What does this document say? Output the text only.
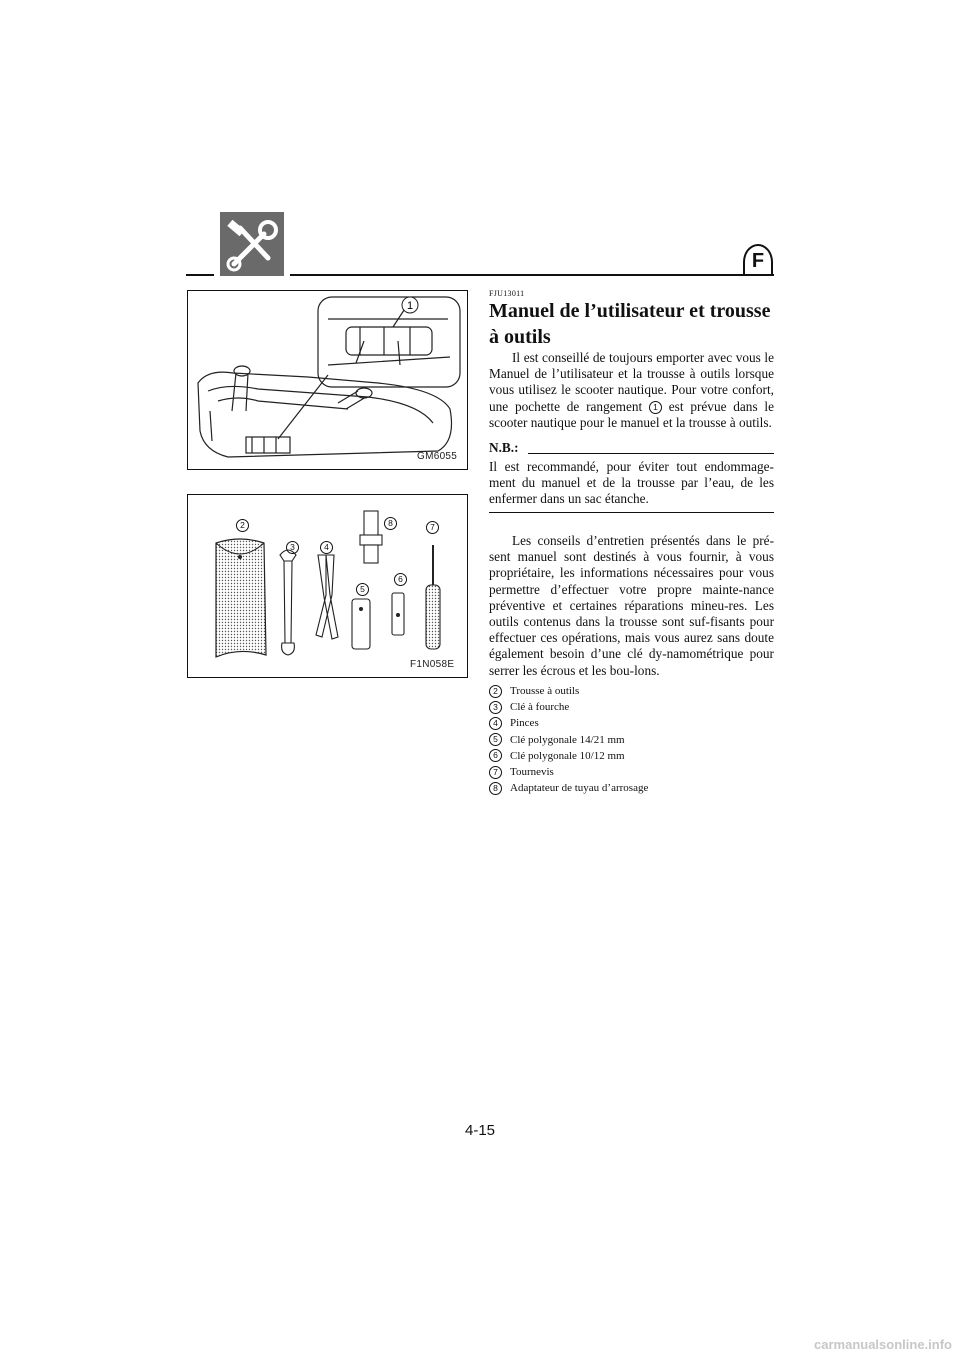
F
1
GM6055
2
3	4
5
6
7
8
F1N058E
FJU13011
Manuel de l’utilisateur et trousse
à outils

Il est conseillé de toujours emporter avec vous le Manuel de l’utilisateur et la trousse à outils lorsque vous utilisez le scooter nautique. Pour votre confort, une pochette de rangement 1 est prévue dans le scooter nautique pour le manuel et la trousse à outils.

N.B.:

Il est recommandé, pour éviter tout endommage-ment du manuel et de la trousse par l’eau, de les enfermer dans un sac étanche.

Les conseils d’entretien présentés dans le pré-sent manuel sont destinés à vous fournir, à vous propriétaire, les informations nécessaires pour vous permettre d’effectuer votre propre mainte-nance préventive et certaines réparations mineu-res. Les outils contenus dans la trousse sont suf-fisants pour effectuer ces opérations, mais vous aurez sans doute également besoin d’une clé dy-namométrique pour serrer les écrous et les bou-lons.

2	Trousse à outils
3	Clé à fourche
4	Pinces
5	Clé polygonale 14/21 mm
6	Clé polygonale 10/12 mm
7	Tournevis
8	Adaptateur de tuyau d’arrosage
4-15
carmanualsonline.info
